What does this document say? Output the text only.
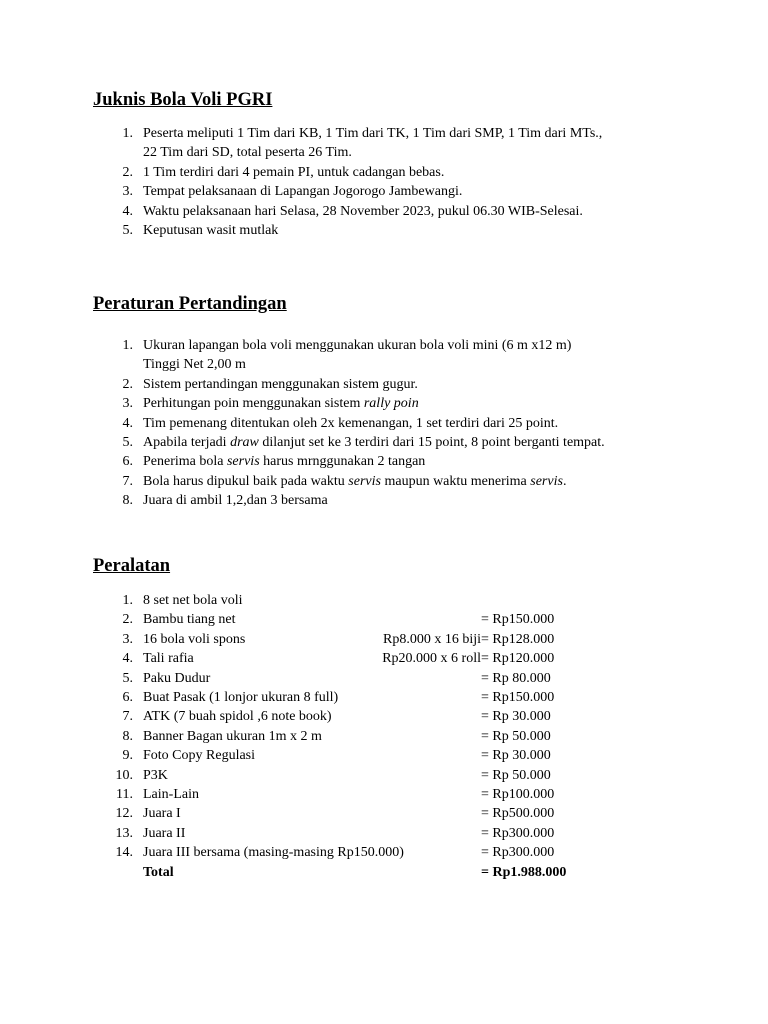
Juknis Bola Voli PGRI
1. Peserta meliputi 1 Tim dari KB, 1 Tim dari TK, 1 Tim dari SMP, 1 Tim dari MTs.,
22 Tim dari SD, total peserta 26 Tim.
2. 1 Tim terdiri dari 4 pemain PI, untuk cadangan bebas.
3. Tempat pelaksanaan di Lapangan Jogorogo Jambewangi.
4. Waktu pelaksanaan hari Selasa, 28 November 2023, pukul 06.30 WIB-Selesai.
5. Keputusan wasit mutlak
Peraturan Pertandingan
1. Ukuran lapangan bola voli menggunakan ukuran bola voli mini (6 m x12 m)
Tinggi Net 2,00 m
2. Sistem pertandingan menggunakan sistem gugur.
3. Perhitungan poin menggunakan sistem rally poin
4. Tim pemenang ditentukan oleh 2x kemenangan, 1 set terdiri dari 25 point.
5. Apabila terjadi draw dilanjut set ke 3 terdiri dari 15 point, 8 point berganti tempat.
6. Penerima bola servis harus mrnggunakan 2 tangan
7. Bola harus dipukul baik pada waktu servis maupun waktu menerima servis.
8. Juara di ambil 1,2,dan 3 bersama
Peralatan
1. 8 set net bola voli
2. Bambu tiang net	= Rp150.000
3. 16 bola voli spons	Rp8.000 x 16 biji= Rp128.000
4. Tali rafia	Rp20.000 x 6 roll= Rp120.000
5. Paku Dudur	= Rp 80.000
6. Buat Pasak (1 lonjor ukuran 8 full)	= Rp150.000
7. ATK (7 buah spidol ,6 note book)	= Rp 30.000
8. Banner Bagan ukuran 1m x 2 m	= Rp 50.000
9. Foto Copy Regulasi	= Rp 30.000
10. P3K	= Rp 50.000
11. Lain-Lain	= Rp100.000
12. Juara I	= Rp500.000
13. Juara II	= Rp300.000
14. Juara III bersama (masing-masing Rp150.000)	= Rp300.000
Total	= Rp1.988.000
